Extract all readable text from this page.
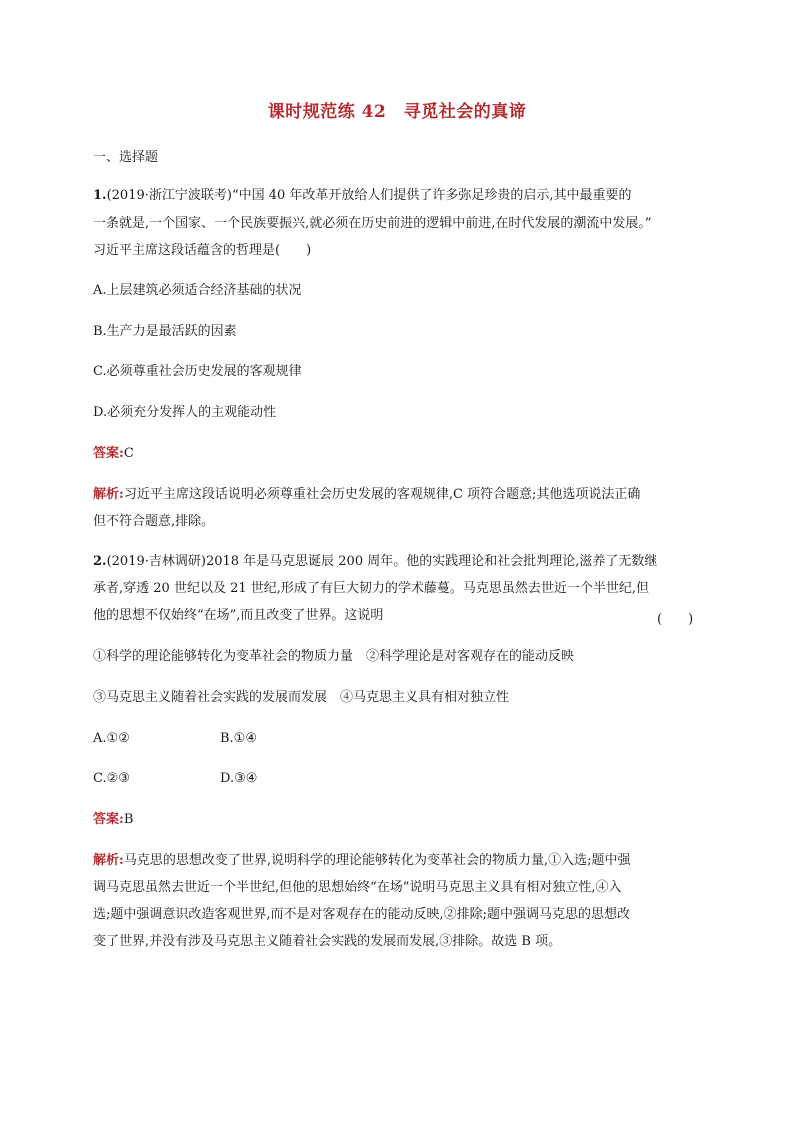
课时规范练 42　寻觅社会的真谛
一、选择题
1.(2019·浙江宁波联考)“中国 40 年改革开放给人们提供了许多弥足珍贵的启示,其中最重要的
一条就是,一个国家、一个民族要振兴,就必须在历史前进的逻辑中前进,在时代发展的潮流中发展。”
习近平主席这段话蕴含的哲理是(　　)
A.上层建筑必须适合经济基础的状况
B.生产力是最活跃的因素
C.必须尊重社会历史发展的客观规律
D.必须充分发挥人的主观能动性
答案:C
解析:习近平主席这段话说明必须尊重社会历史发展的客观规律,C 项符合题意;其他选项说法正确
但不符合题意,排除。
2.(2019·吉林调研)2018 年是马克思诞辰 200 周年。他的实践理论和社会批判理论,滋养了无数继
承者,穿透 20 世纪以及 21 世纪,形成了有巨大韧力的学术藤蔓。马克思虽然去世近一个半世纪,但
他的思想不仅始终“在场”,而且改变了世界。这说明	(　　)
①科学的理论能够转化为变革社会的物质力量　②科学理论是对客观存在的能动反映
③马克思主义随着社会实践的发展而发展　④马克思主义具有相对独立性
A.①②	B.①④
C.②③	D.③④
答案:B
解析:马克思的思想改变了世界,说明科学的理论能够转化为变革社会的物质力量,①入选;题中强
调马克思虽然去世近一个半世纪,但他的思想始终“在场”说明马克思主义具有相对独立性,④入
选;题中强调意识改造客观世界,而不是对客观存在的能动反映,②排除;题中强调马克思的思想改
变了世界,并没有涉及马克思主义随着社会实践的发展而发展,③排除。故选 B 项。
